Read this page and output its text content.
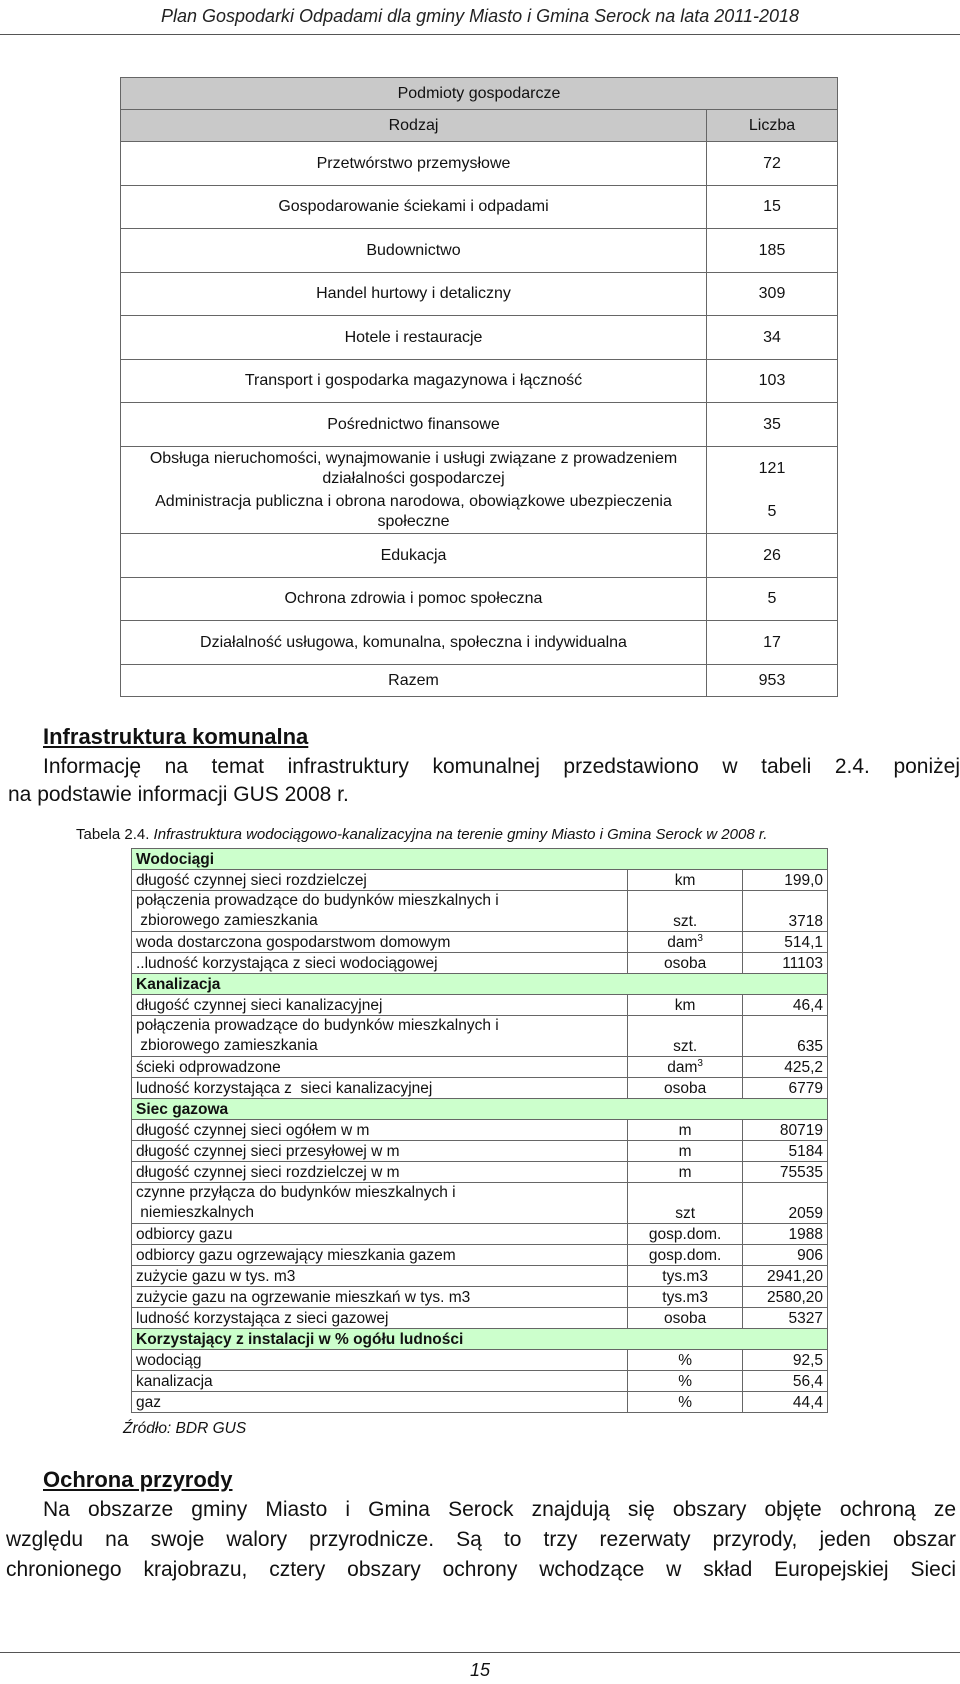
Plan Gospodarki Odpadami dla gminy Miasto i Gmina Serock na lata 2011-2018
Podmioty gospodarcze	
Rodzaj	Liczba
Przetwórstwo przemysłowe	72
Gospodarowanie ściekami i odpadami	15
Budownictwo	185
Handel hurtowy i detaliczny	309
Hotele i restauracje	34
Transport i gospodarka magazynowa i łączność	103
Pośrednictwo finansowe	35
Obsługa nieruchomości, wynajmowanie i usługi związane z prowadzeniem działalności gospodarczej	121
Administracja publiczna i obrona narodowa, obowiązkowe ubezpieczenia społeczne	5
Edukacja	26
Ochrona zdrowia i pomoc społeczna	5
Działalność usługowa, komunalna, społeczna i indywidualna	17
Razem	953
Infrastruktura komunalna
Informację na temat infrastruktury komunalnej przedstawiono w tabeli 2.4. poniżej
na podstawie informacji GUS 2008 r.
Tabela 2.4. Infrastruktura wodociągowo-kanalizacyjna na terenie gminy Miasto i Gmina Serock w 2008 r.
Wodociągi		
długość czynnej sieci rozdzielczej	km	199,0

połączenia prowadzące do budynków mieszkalnych i
zbiorowego zamieszkania	szt.	3718
woda dostarczona gospodarstwom domowym	dam$^3$	514,1
..ludność korzystająca z sieci wodociągowej	osoba	11103
Kanalizacja		
długość czynnej sieci kanalizacyjnej	km	46,4

połączenia prowadzące do budynków mieszkalnych i
zbiorowego zamieszkania	szt.	635
ścieki odprowadzone	dam$^3$	425,2
ludność korzystająca z  sieci kanalizacyjnej	osoba	6779
Siec gazowa		
długość czynnej sieci ogółem w m	m	80719
długość czynnej sieci przesyłowej w m	m	5184
długość czynnej sieci rozdzielczej w m	m	75535

czynne przyłącza do budynków mieszkalnych i
niemieszkalnych	szt	2059
odbiorcy gazu	gosp.dom.	1988
odbiorcy gazu ogrzewający mieszkania gazem	gosp.dom.	906
zużycie gazu w tys. m3	tys.m3	2941,20
zużycie gazu na ogrzewanie mieszkań w tys. m3	tys.m3	2580,20
ludność korzystająca z sieci gazowej	osoba	5327
Korzystający z instalacji w % ogółu ludności		
wodociąg	%	92,5
kanalizacja	%	56,4
gaz	%	44,4
Źródło: BDR GUS
Ochrona przyrody
Na obszarze gminy Miasto i Gmina Serock znajdują się obszary objęte ochroną ze
względu na swoje walory przyrodnicze. Są to trzy rezerwaty przyrody, jeden obszar
chronionego krajobrazu, cztery obszary ochrony wchodzące w skład Europejskiej Sieci
15
